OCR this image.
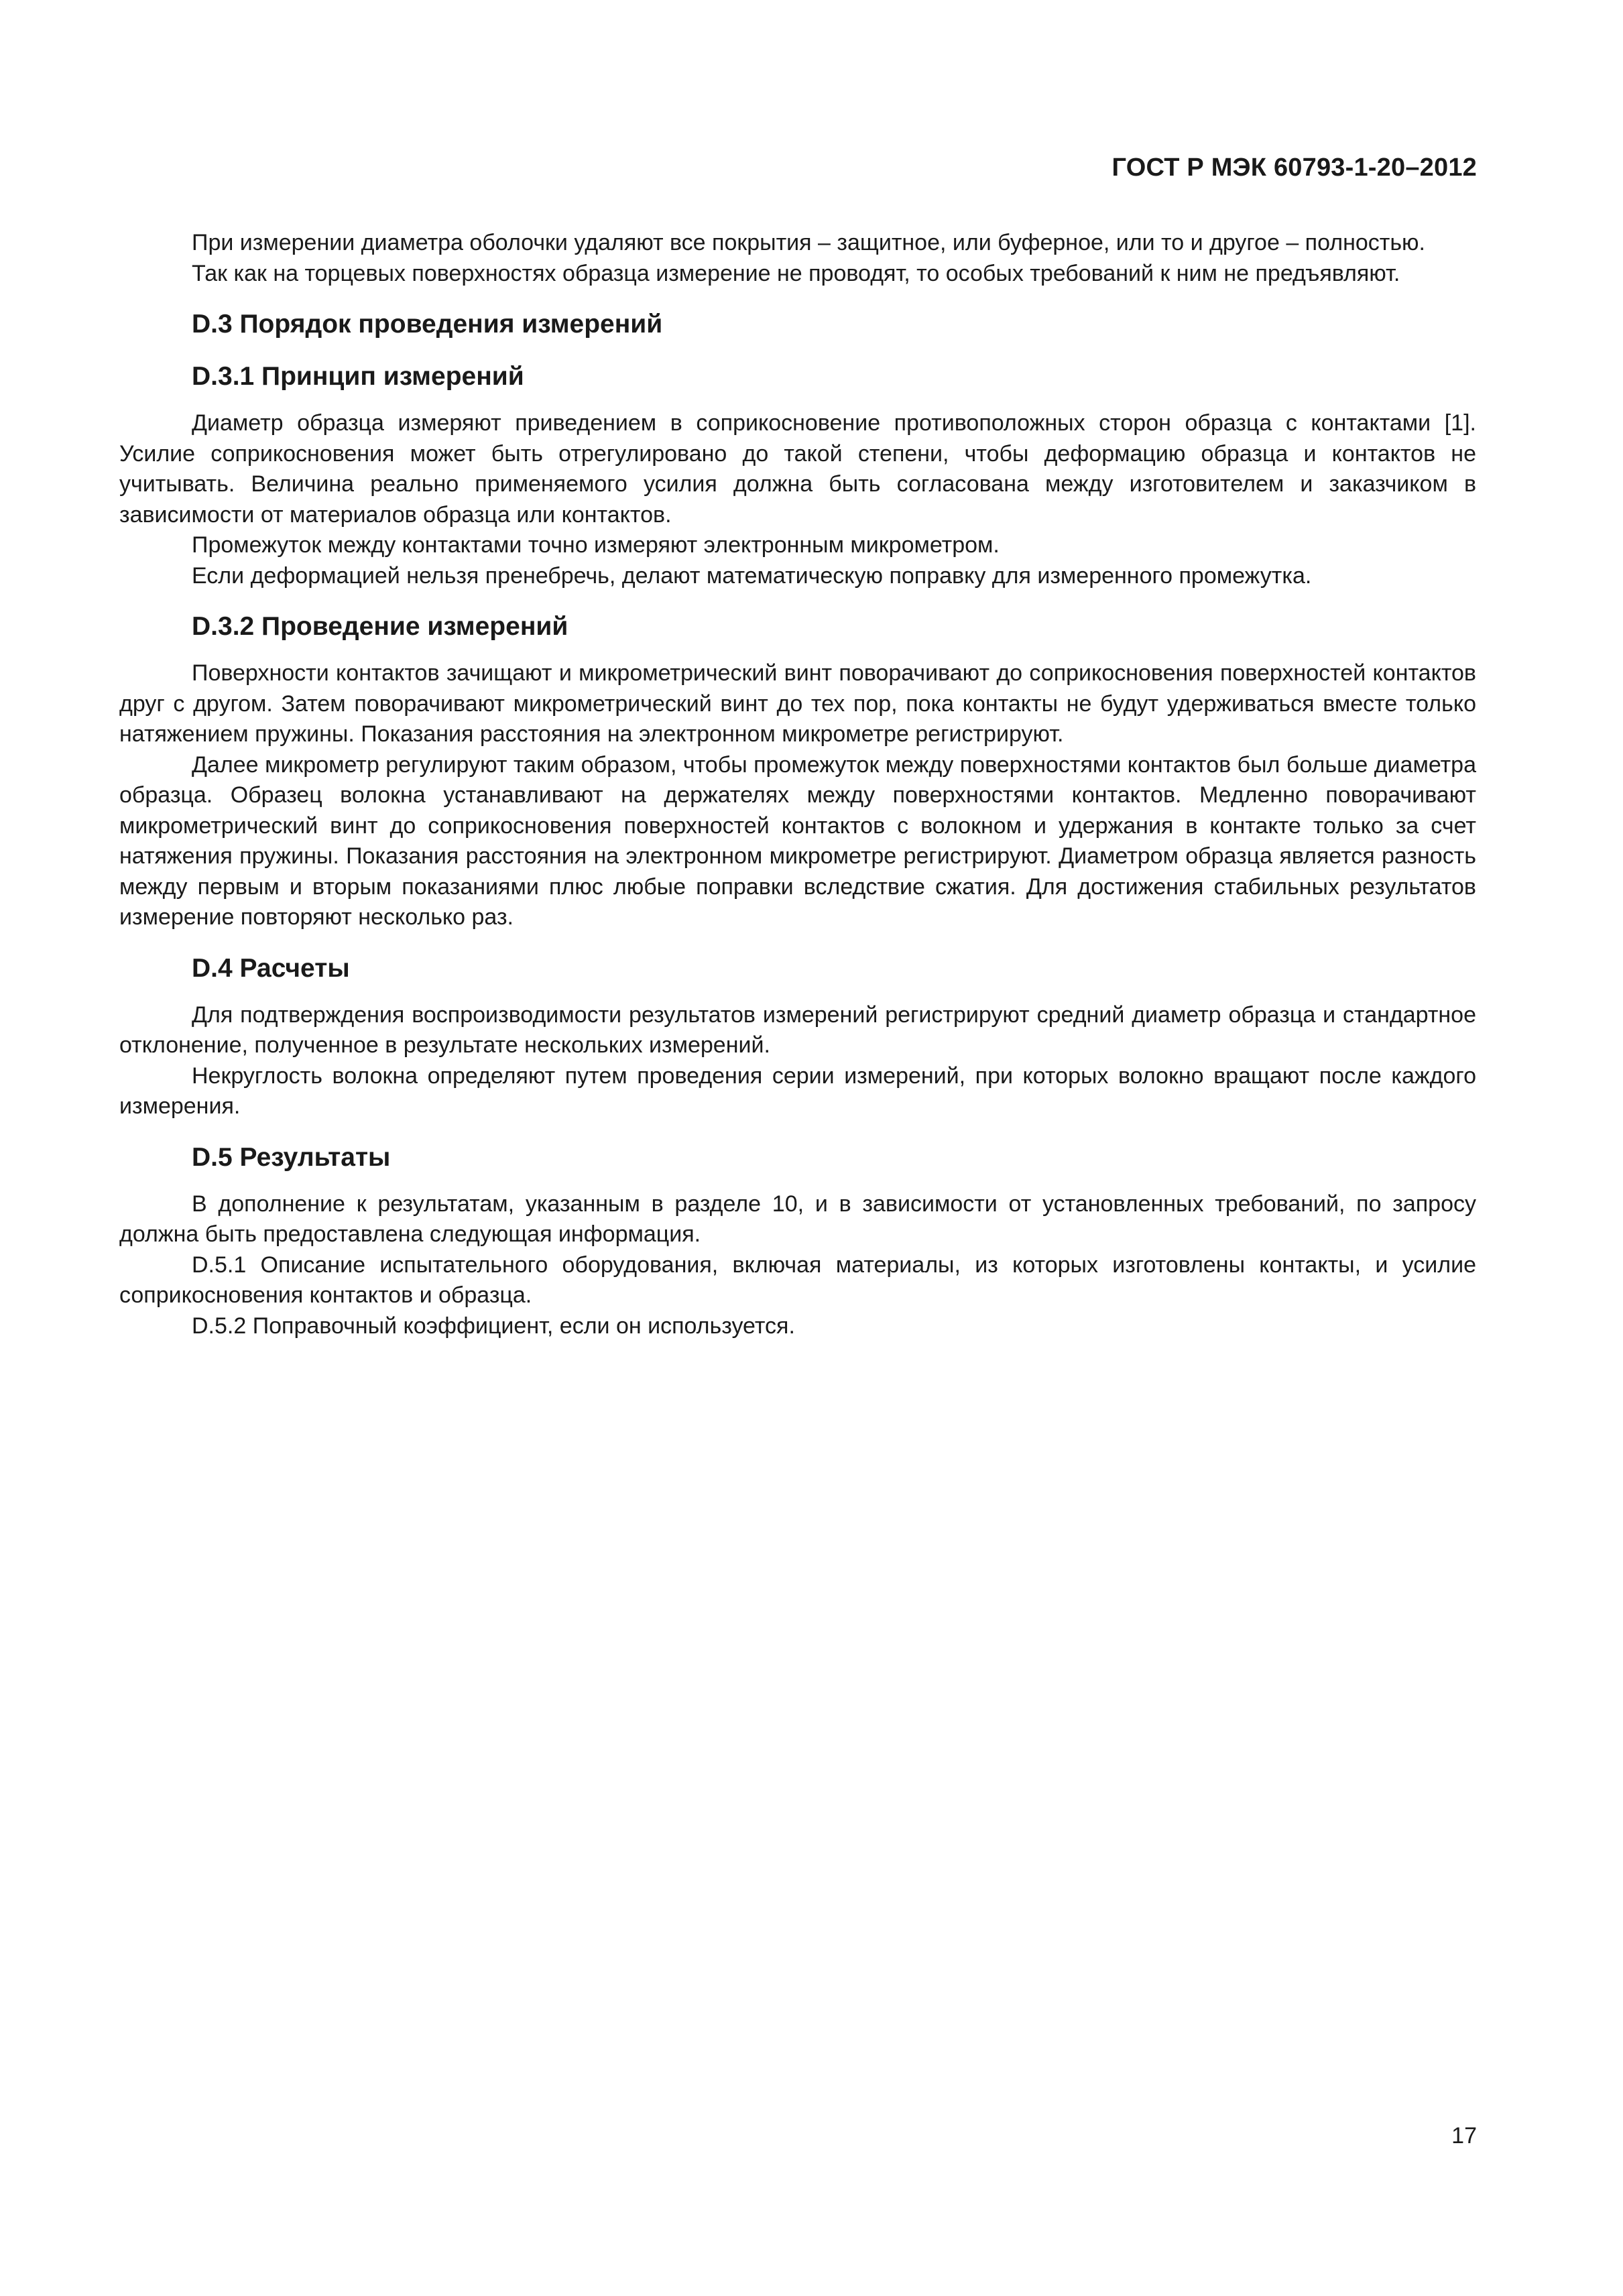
ГОСТ Р МЭК 60793-1-20–2012

При измерении диаметра оболочки удаляют все покрытия – защитное, или буферное, или то и другое – полностью.

Так как на торцевых поверхностях образца измерение не проводят, то особых требований к ним не предъявляют.

D.3 Порядок проведения измерений
D.3.1 Принцип измерений

Диаметр образца измеряют приведением в соприкосновение противоположных сторон образца с контактами [1]. Усилие соприкосновения может быть отрегулировано до такой степени, чтобы деформацию образца и контактов не учитывать. Величина реально применяемого усилия должна быть согласована между изготовителем и заказчиком в зависимости от материалов образца или контактов.

Промежуток между контактами точно измеряют электронным микрометром.

Если деформацией нельзя пренебречь, делают математическую поправку для измеренного промежутка.

D.3.2 Проведение измерений

Поверхности контактов зачищают и микрометрический винт поворачивают до соприкосновения поверхностей контактов друг с другом. Затем поворачивают микрометрический винт до тех пор, пока контакты не будут удерживаться вместе только натяжением пружины. Показания расстояния на электронном микрометре регистрируют.

Далее микрометр регулируют таким образом, чтобы промежуток между поверхностями контактов был больше диаметра образца. Образец волокна устанавливают на держателях между поверхностями контактов. Медленно поворачивают микрометрический винт до соприкосновения поверхностей контактов с волокном и удержания в контакте только за счет натяжения пружины. Показания расстояния на электронном микрометре регистрируют. Диаметром образца является разность между первым и вторым показаниями плюс любые поправки вследствие сжатия. Для достижения стабильных результатов измерение повторяют несколько раз.

D.4 Расчеты

Для подтверждения воспроизводимости результатов измерений регистрируют средний диаметр образца и стандартное отклонение, полученное в результате нескольких измерений.

Некруглость волокна определяют путем проведения серии измерений, при которых волокно вращают после каждого измерения.

D.5 Результаты

В дополнение к результатам, указанным в разделе 10, и в зависимости от установленных требований, по запросу должна быть предоставлена следующая информация.

D.5.1 Описание испытательного оборудования, включая материалы, из которых изготовлены контакты, и усилие соприкосновения контактов и образца.

D.5.2 Поправочный коэффициент, если он используется.

17
